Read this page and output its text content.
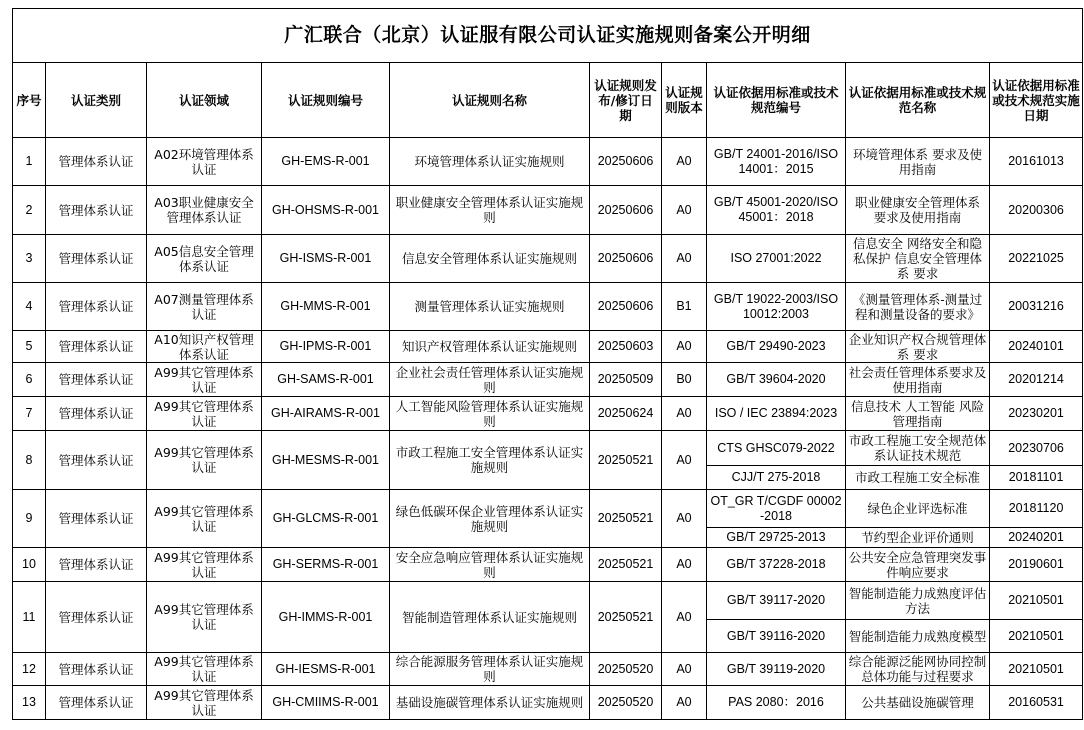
广汇联合（北京）认证服有限公司认证实施规则备案公开明细									
序号	认证类别	认证领域	认证规则编号	认证规则名称	认证规则发布/修订日期	认证规则版本	认证依据用标准或技术规范编号	认证依据用标准或技术规范名称	认证依据用标准或技术规范实施日期
1	管理体系认证	A02环境管理体系认证	GH-EMS-R-001	环境管理体系认证实施规则	20250606	A0	GB/T 24001-2016/ISO 14001：2015	环境管理体系 要求及使用指南	20161013
2	管理体系认证	A03职业健康安全管理体系认证	GH-OHSMS-R-001	职业健康安全管理体系认证实施规则	20250606	A0	GB/T 45001-2020/ISO 45001：2018	职业健康安全管理体系 要求及使用指南	20200306
3	管理体系认证	A05信息安全管理体系认证	GH-ISMS-R-001	信息安全管理体系认证实施规则	20250606	A0	ISO 27001:2022	信息安全 网络安全和隐私保护 信息安全管理体系 要求	20221025
4	管理体系认证	A07测量管理体系认证	GH-MMS-R-001	测量管理体系认证实施规则	20250606	B1	GB/T 19022-2003/ISO 10012:2003	《测量管理体系-测量过程和测量设备的要求》	20031216
5	管理体系认证	A10知识产权管理体系认证	GH-IPMS-R-001	知识产权管理体系认证实施规则	20250603	A0	GB/T 29490-2023	企业知识产权合规管理体系 要求	20240101
6	管理体系认证	A99其它管理体系认证	GH-SAMS-R-001	企业社会责任管理体系认证实施规则	20250509	B0	GB/T 39604-2020	社会责任管理体系要求及使用指南	20201214
7	管理体系认证	A99其它管理体系认证	GH-AIRAMS-R-001	人工智能风险管理体系认证实施规则	20250624	A0	ISO / IEC 23894:2023	信息技术 人工智能 风险管理指南	20230201
8	管理体系认证	A99其它管理体系认证	GH-MESMS-R-001	市政工程施工安全管理体系认证实施规则	20250521	A0	CTS GHSC079-2022	市政工程施工安全规范体系认证技术规范	20230706
							CJJ/T 275-2018	市政工程施工安全标准	20181101
9	管理体系认证	A99其它管理体系认证	GH-GLCMS-R-001	绿色低碳环保企业管理体系认证实施规则	20250521	A0	OT_GR T/CGDF 00002-2018	绿色企业评选标准	20181120
							GB/T 29725-2013	节约型企业评价通则	20240201
10	管理体系认证	A99其它管理体系认证	GH-SERMS-R-001	安全应急响应管理体系认证实施规则	20250521	A0	GB/T 37228-2018	公共安全应急管理突发事件响应要求	20190601
11	管理体系认证	A99其它管理体系认证	GH-IMMS-R-001	智能制造管理体系认证实施规则	20250521	A0	GB/T 39117-2020	智能制造能力成熟度评估方法	20210501
							GB/T 39116-2020	智能制造能力成熟度模型	20210501
12	管理体系认证	A99其它管理体系认证	GH-IESMS-R-001	综合能源服务管理体系认证实施规则	20250520	A0	GB/T 39119-2020	综合能源泛能网协同控制总体功能与过程要求	20210501
13	管理体系认证	A99其它管理体系认证	GH-CMIIMS-R-001	基础设施碳管理体系认证实施规则	20250520	A0	PAS 2080：2016	公共基础设施碳管理	20160531
